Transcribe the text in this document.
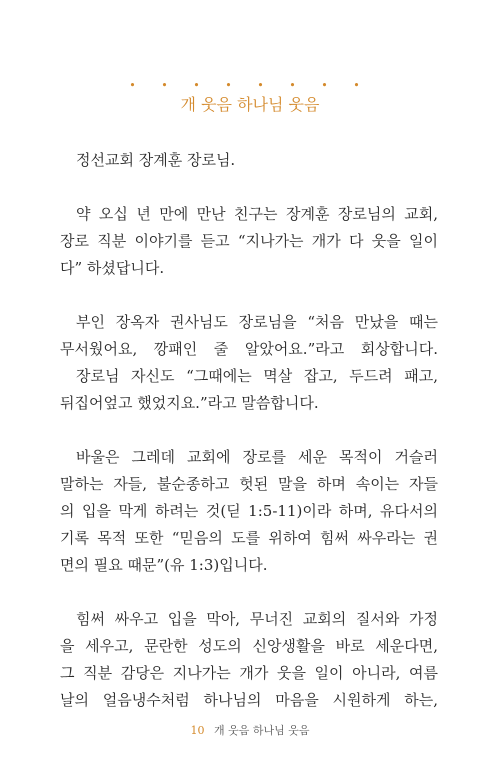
• • • • • • • •
개 웃음 하나님 웃음
정선교회 장계훈 장로님.
약 오십 년 만에 만난 친구는 장계훈 장로님의 교회,
장로 직분 이야기를 듣고 “지나가는 개가 다 웃을 일이
다” 하셨답니다.
부인 장옥자 권사님도 장로님을 “처음 만났을 때는
무서웠어요, 깡패인 줄 알았어요.”라고 회상합니다.
장로님 자신도 “그때에는 멱살 잡고, 두드려 패고,
뒤집어엎고 했었지요.”라고 말씀합니다.
바울은 그레데 교회에 장로를 세운 목적이 거슬러
말하는 자들, 불순종하고 헛된 말을 하며 속이는 자들
의 입을 막게 하려는 것(딛 1:5-11)이라 하며, 유다서의
기록 목적 또한 “믿음의 도를 위하여 힘써 싸우라는 권
면의 필요 때문”(유 1:3)입니다.
힘써 싸우고 입을 막아, 무너진 교회의 질서와 가정
을 세우고, 문란한 성도의 신앙생활을 바로 세운다면,
그 직분 감당은 지나가는 개가 웃을 일이 아니라, 여름
날의 얼음냉수처럼 하나님의 마음을 시원하게 하는,
10 개 웃음 하나님 웃음
